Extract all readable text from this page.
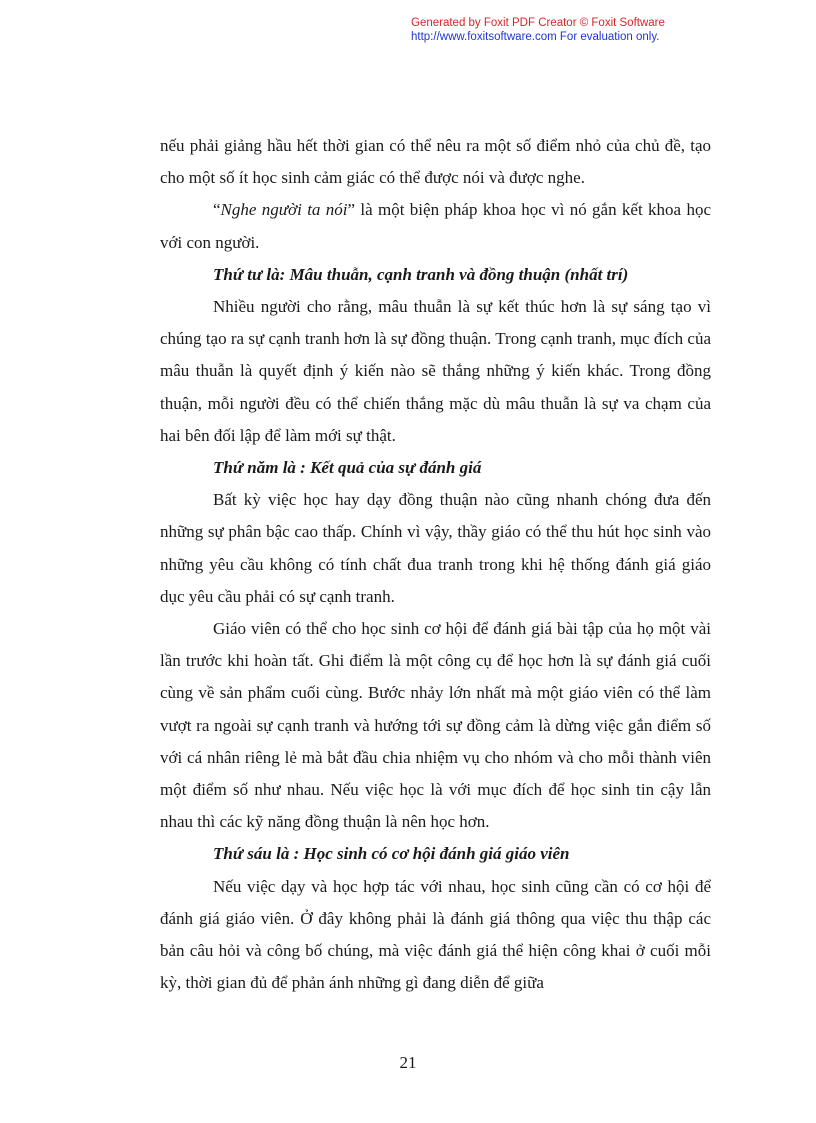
Generated by Foxit PDF Creator © Foxit Software
http://www.foxitsoftware.com For evaluation only.

nếu phải giảng hầu hết thời gian có thể nêu ra một số điểm nhỏ của chủ đề, tạo cho một số ít học sinh cảm giác có thể được nói và được nghe.

“Nghe người ta nói” là một biện pháp khoa học vì nó gắn kết khoa học với con người.

Thứ tư là: Mâu thuẫn, cạnh tranh và đồng thuận (nhất trí)

Nhiều người cho rằng, mâu thuẫn là sự kết thúc hơn là sự sáng tạo vì chúng tạo ra sự cạnh tranh hơn là sự đồng thuận. Trong cạnh tranh, mục đích của mâu thuẫn là quyết định ý kiến nào sẽ thắng những ý kiến khác. Trong đồng thuận, mỗi người đều có thể chiến thắng mặc dù mâu thuẫn là sự va chạm của hai bên đối lập để làm mới sự thật.

Thứ năm là : Kết quả của sự đánh giá

Bất kỳ việc học hay dạy đồng thuận nào cũng nhanh chóng đưa đến những sự phân bậc cao thấp. Chính vì vậy, thầy giáo có thể thu hút học sinh vào những yêu cầu không có tính chất đua tranh trong khi hệ thống đánh giá giáo dục yêu cầu phải có sự cạnh tranh.

Giáo viên có thể cho học sinh cơ hội để đánh giá bài tập của họ một vài lần trước khi hoàn tất. Ghi điểm là một công cụ để học hơn là sự đánh giá cuối cùng về sản phẩm cuối cùng. Bước nhảy lớn nhất mà một giáo viên có thể làm vượt ra ngoài sự cạnh tranh và hướng tới sự đồng cảm là dừng việc gắn điểm số với cá nhân riêng lẻ mà bắt đầu chia nhiệm vụ cho nhóm và cho mỗi thành viên một điểm số như nhau. Nếu việc học là với mục đích để học sinh tin cậy lẫn nhau thì các kỹ năng đồng thuận là nên học hơn.

Thứ sáu là : Học sinh có cơ hội đánh giá giáo viên

Nếu việc dạy và học hợp tác với nhau, học sinh cũng cần có cơ hội để đánh giá giáo viên. Ở đây không phải là đánh giá thông qua việc thu thập các bản câu hỏi và công bố chúng, mà việc đánh giá thể hiện công khai ở cuối mỗi kỳ, thời gian đủ để phản ánh những gì đang diễn để giữa

21
